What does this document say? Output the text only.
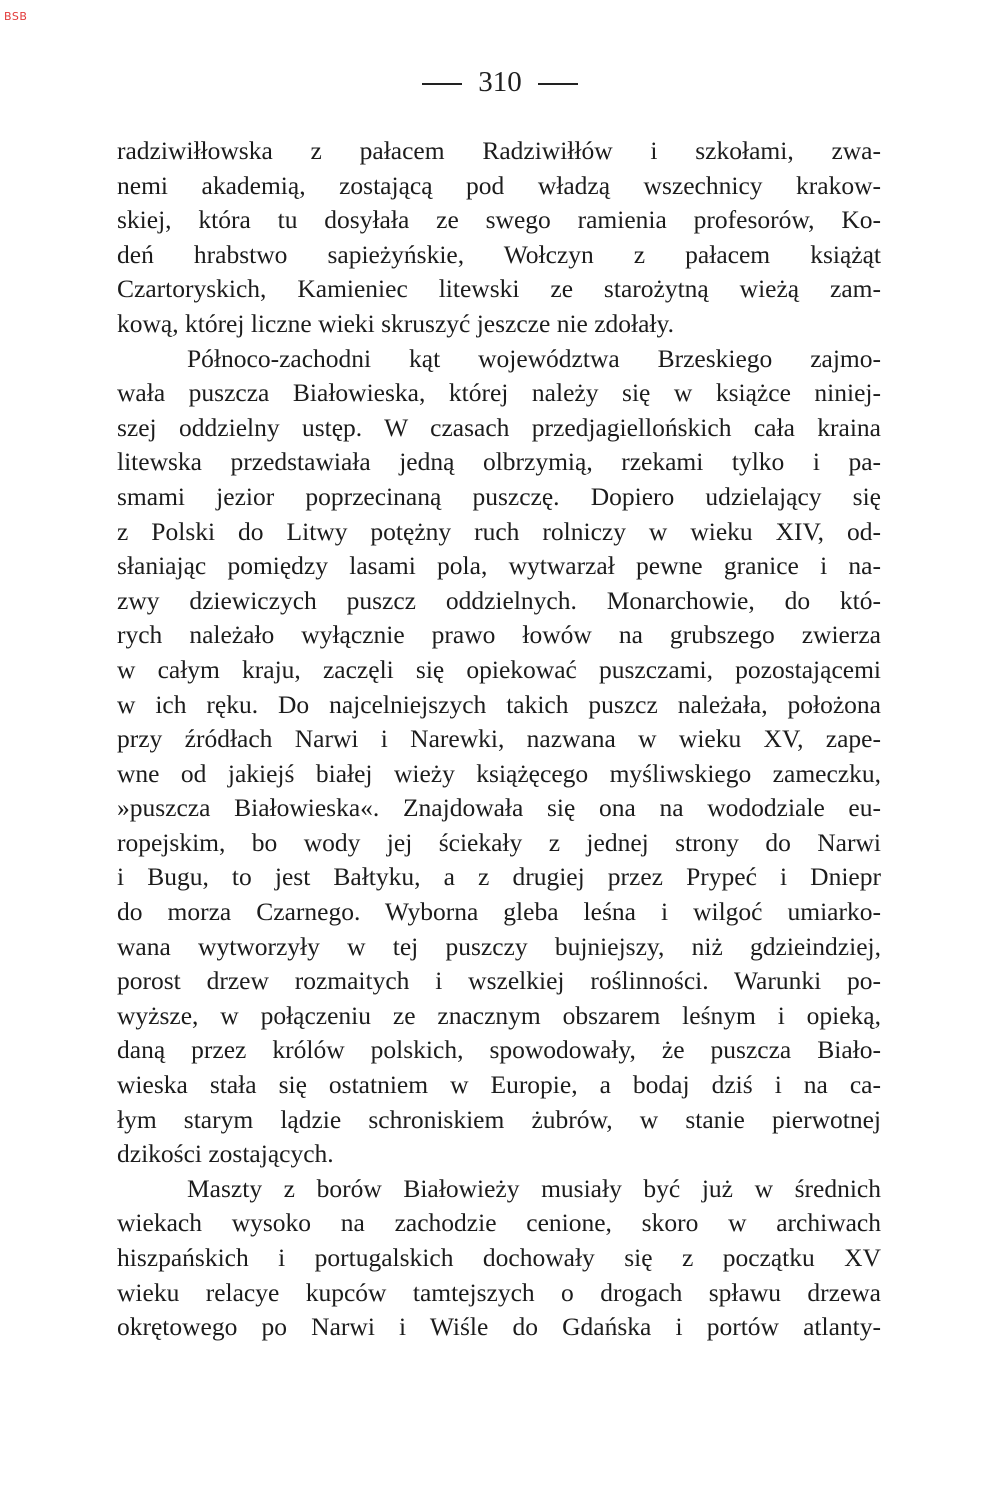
BSB
310
radziwiłłowska z pałacem Radziwiłłów i szkołami, zwa-
nemi akademią, zostającą pod władzą wszechnicy krakow-
skiej, która tu dosyłała ze swego ramienia profesorów, Ko-
deń hrabstwo sapieżyńskie, Wołczyn z pałacem książąt
Czartoryskich, Kamieniec litewski ze starożytną wieżą zam-
kową, której liczne wieki skruszyć jeszcze nie zdołały.
Północo-zachodni kąt województwa Brzeskiego zajmo-
wała puszcza Białowieska, której należy się w książce niniej-
szej oddzielny ustęp. W czasach przedjagiellońskich cała kraina
litewska przedstawiała jedną olbrzymią, rzekami tylko i pa-
smami jezior poprzecinaną puszczę. Dopiero udzielający się
z Polski do Litwy potężny ruch rolniczy w wieku XIV, od-
słaniając pomiędzy lasami pola, wytwarzał pewne granice i na-
zwy dziewiczych puszcz oddzielnych. Monarchowie, do któ-
rych należało wyłącznie prawo łowów na grubszego zwierza
w całym kraju, zaczęli się opiekować puszczami, pozostającemi
w ich ręku. Do najcelniejszych takich puszcz należała, położona
przy źródłach Narwi i Narewki, nazwana w wieku XV, zape-
wne od jakiejś białej wieży książęcego myśliwskiego zameczku,
»puszcza Białowieska«. Znajdowała się ona na wododziale eu-
ropejskim, bo wody jej ściekały z jednej strony do Narwi
i Bugu, to jest Bałtyku, a z drugiej przez Prypeć i Dniepr
do morza Czarnego. Wyborna gleba leśna i wilgoć umiarko-
wana wytworzyły w tej puszczy bujniejszy, niż gdzieindziej,
porost drzew rozmaitych i wszelkiej roślinności. Warunki po-
wyższe, w połączeniu ze znacznym obszarem leśnym i opieką,
daną przez królów polskich, spowodowały, że puszcza Biało-
wieska stała się ostatniem w Europie, a bodaj dziś i na ca-
łym starym lądzie schroniskiem żubrów, w stanie pierwotnej
dzikości zostających.
Maszty z borów Białowieży musiały być już w średnich
wiekach wysoko na zachodzie cenione, skoro w archiwach
hiszpańskich i portugalskich dochowały się z początku XV
wieku relacye kupców tamtejszych o drogach spławu drzewa
okrętowego po Narwi i Wiśle do Gdańska i portów atlanty-
